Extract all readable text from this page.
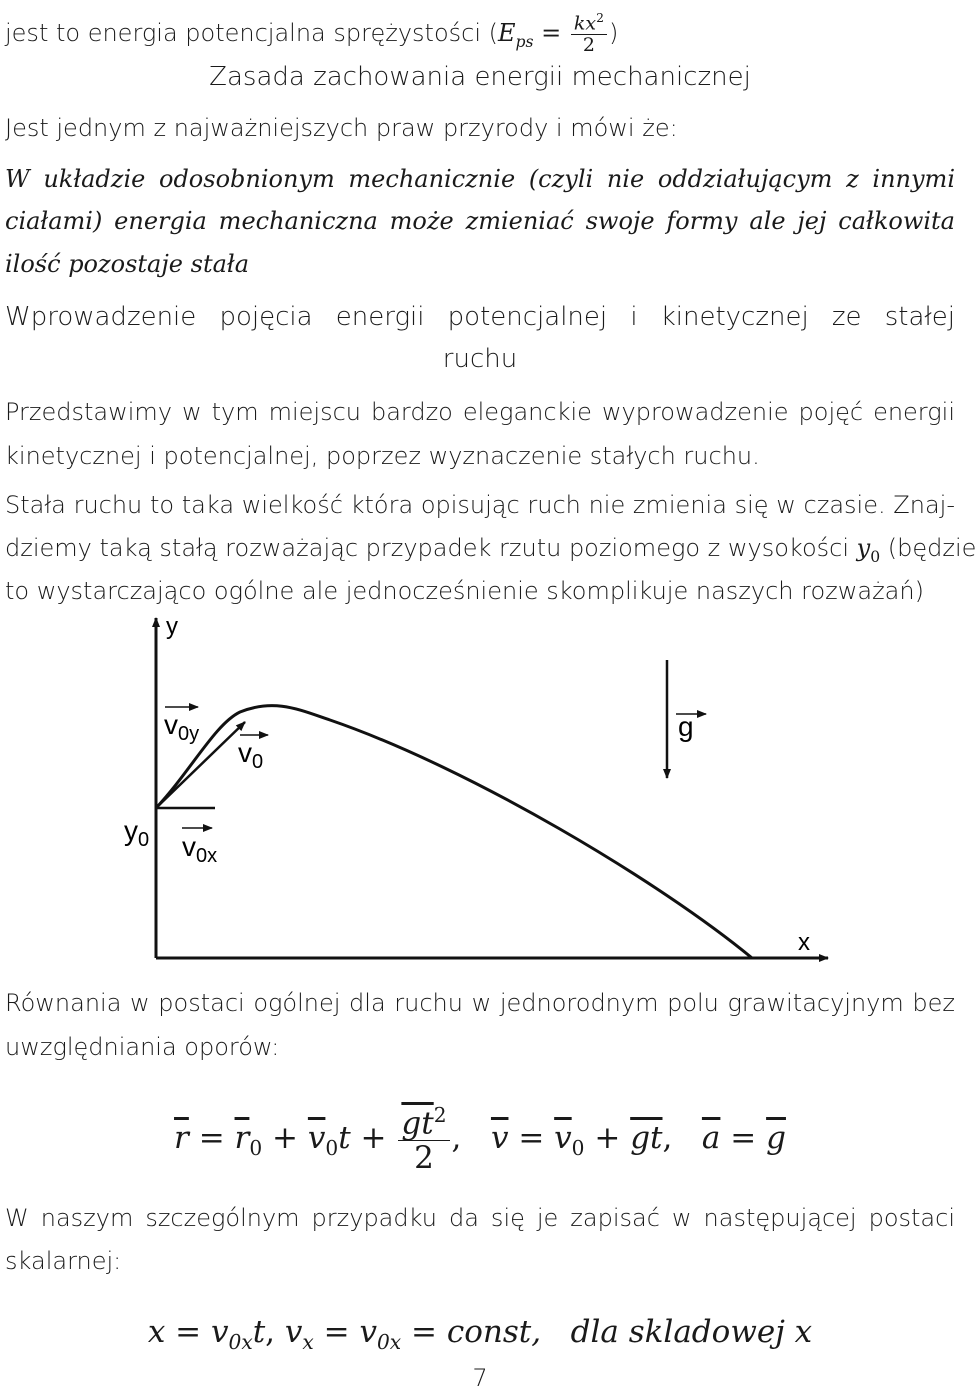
jest to energia potencjalna sprężystości ($E_{ps} = \frac{kx^2}{2}$ )
Zasada zachowania energii mechanicznej
Jest jednym z najważniejszych praw przyrody i mówi że:
W układzie odosobnionym mechanicznie (czyli nie oddziałującym z innymi
ciałami) energia mechaniczna może zmieniać swoje formy ale jej całkowita
ilość pozostaje stała
Wprowadzenie pojęcia energii potencjalnej i kinetycznej ze stałej
ruchu
Przedstawimy w tym miejscu bardzo eleganckie wyprowadzenie pojęć energii
kinetycznej i potencjalnej, poprzez wyznaczenie stałych ruchu.
Stała ruchu to taka wielkość która opisując ruch nie zmienia się w czasie. Znaj-
dziemy taką stałą rozważając przypadek rzutu poziomego z wysokości $y_0$ (będzie
to wystarczająco ogólne ale jednocześnienie skomplikuje naszych rozważań)
y
x
$y_0$
$v_{0y}$
$v_0$
$v_{0x}$
g
Równania w postaci ogólnej dla ruchu w jednorodnym polu grawitacyjnym bez
uwzględniania oporów:
$\overline{r} = \overline{r}_0 + \overline{v}_0t + \frac{\overline{gt}^2}{2}$ , $\overline{v} = \overline{v}_0 + \overline{gt}$, $\overline{a} = \overline{g}$
W naszym szczególnym przypadku da się je zapisać w następującej postaci
skalarnej:
$x = v_{0x}t$, $v_x = v_{0x}$ = const, dla skladowej x
7
